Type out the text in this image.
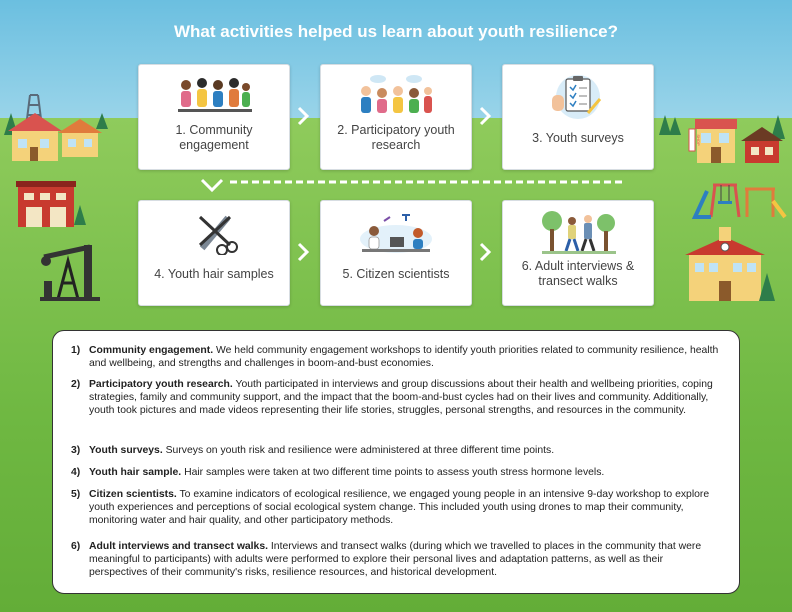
SHOP
What activities helped us learn about youth resilience?
1. Community engagement
2. Participatory youth research	3. Youth surveys
4. Youth hair samples	5. Citizen scientists
6. Adult interviews & transect walks
1) Community engagement. We held community engagement workshops to identify youth priorities related to community resilience, health and wellbeing, and strengths and challenges in boom-and-bust economies.
2) Participatory youth research. Youth participated in interviews and group discussions about their health and wellbeing priorities, coping strategies, family and community support, and the impact that the boom-and-bust cycles had on their lives and community. Additionally, youth took pictures and made videos representing their life stories, struggles, personal strengths, and resources in the community.
3) Youth surveys. Surveys on youth risk and resilience were administered at three different time points.
4) Youth hair sample. Hair samples were taken at two different time points to assess youth stress hormone levels.
5) Citizen scientists. To examine indicators of ecological resilience, we engaged young people in an intensive 9-day workshop to explore youth experiences and perceptions of social ecological system change. This included youth using drones to map their community, monitoring water and hair quality, and other participatory methods.
6) Adult interviews and transect walks. Interviews and transect walks (during which we travelled to places in the community that were meaningful to participants) with adults were performed to explore their personal lives and adaptation patterns, as well as their perspectives of their community's risks, resilience resources, and historical development.
